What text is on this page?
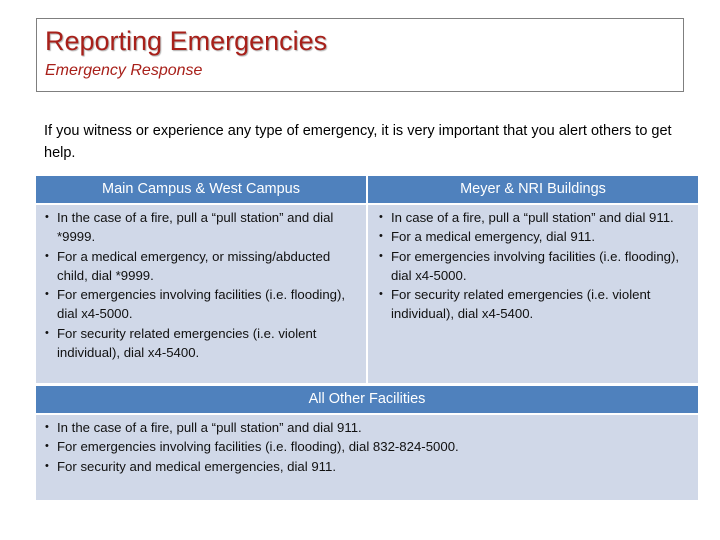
Reporting Emergencies

Emergency Response

If you witness or experience any type of emergency, it is very important that you alert others to get help.

Main Campus & West Campus	Meyer & NRI Buildings
• In the case of a fire, pull a “pull station” and dial *9999.
• For a medical emergency, or missing/abducted child, dial *9999.
• For emergencies involving facilities (i.e. flooding), dial x4-5000.
• For security related emergencies (i.e. violent individual), dial x4-5400.
• In case of a fire, pull a “pull station” and dial 911.
• For a medical emergency, dial 911.
• For emergencies involving facilities (i.e. flooding), dial x4-5000.
• For security related emergencies (i.e. violent individual), dial x4-5400.
All Other Facilities
• In the case of a fire, pull a “pull station” and dial 911.
• For emergencies involving facilities (i.e. flooding), dial 832-824-5000.
• For security and medical emergencies, dial 911.
